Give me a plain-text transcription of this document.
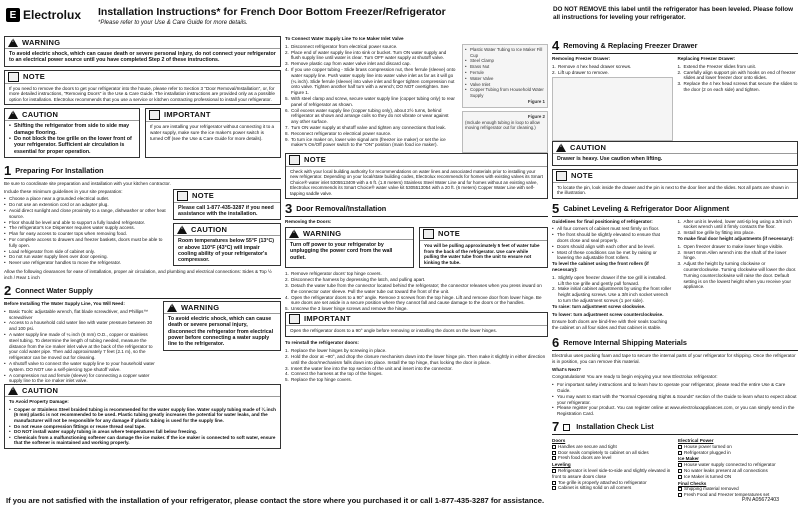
E Electrolux Installation Instructions* for French Door Bottom Freezer/Refrigerator
*Please refer to your Use & Care Guide for more details.
DO NOT REMOVE this label until the refrigerator has been leveled. Please follow all instructions for leveling your refrigerator.
!
WARNING
To avoid electric shock, which can cause death or severe personal injury, do not connect your refrigerator to an electrical power source until you have completed Step 2 of these instructions.
NOTE
If you need to remove the doors to get your refrigerator into the house, please refer to Section 3 "Door Removal/Installation", or, for more detailed instructions, "Removing Doors" in the Use & Care Guide. The installation instructions are provided only as a possible option for installation. Electrolux recommends that you use a service or kitchen contracting professional to install your refrigerator.
!
CAUTION
• Shifting the refrigerator from side to side may damage flooring.
• Do not block the toe grille on the lower front of your refrigerator. Sufficient air circulation is essential for proper operation.
IMPORTANT
If you are installing your refrigerator without connecting it to a water supply, make sure the ice maker's power switch is turned Off (see the Use & Care Guide for more details).
1 Preparing For Installation

Be sure to coordinate site preparation and installation with your kitchen contractor.

Include these minimum guidelines in your site preparation:

• Choose a place near a grounded electrical outlet.
• Do not use an extension cord or an adapter plug.
• Avoid direct sunlight and close proximity to a range, dishwasher or other heat source.
• Floor should be level and able to support a fully loaded refrigerator.
• The refrigerator's Ice Dispenser requires water supply access.
• Plan for easy access to counter tops when removing food.
• For complete access to drawers and freezer baskets, doors must be able to fully open.
• Load refrigerator from side of cabinet only.
• Do not run water supply lines over door opening.
• Never use refrigerator handles to move the refrigerator.
NOTE
Please call 1-877-435-3287 if you need assistance with the installation.
!
CAUTION
Room temperatures below 55°F (13°C) or above 110°F (43°C) will impair cooling ability of your refrigerator's compressor.

Allow the following clearances for ease of installation, proper air circulation, and plumbing and electrical connections: Sides & Top ½ inch / Rear 1 inch

2 Connect Water Supply

Before Installing The Water Supply Line, You Will Need:

• Basic Tools: adjustable wrench, flat blade screwdriver, and Phillips™ screwdriver
• Access to a household cold water line with water pressure between 30 and 100 psi.
• A water supply line made of ¼ inch (6 mm) O.D., copper or stainless steel tubing. To determine the length of tubing needed, measure the distance from the ice maker inlet valve at the back of the refrigerator to your cold water pipe. Then add approximately 7 feet (2.1 m), so the refrigerator can be moved out for cleaning.
• A shutoff valve to connect the water supply line to your household water system. DO NOT use a self-piercing type shutoff valve.
• A compression nut and ferrule (sleeve) for connecting a copper water supply line to the ice maker inlet valve.
!
WARNING
To avoid electric shock, which can cause death or severe personal injury, disconnect the refrigerator from electrical power before connecting a water supply line to the refrigerator.
!
CAUTION

To Avoid Property Damage:

• Copper or Stainless Steel braided tubing is recommended for the water supply line. Water supply tubing made of ¼ inch (6 mm) plastic is not recommended to be used. Plastic tubing greatly increases the potential for water leaks, and the manufacturer will not be responsible for any damage if plastic tubing is used for the supply line.
• Do not reuse compression fittings or reuse thread seal tape.
• DO NOT install water supply tubing in areas where temperatures fall below freezing.
• Chemicals from a malfunctioning softener can damage the ice maker. If the ice maker is connected to soft water, ensure that the softener is maintained and working properly.

To Connect Water Supply Line To Ice Maker Inlet Valve

1. Disconnect refrigerator from electrical power source.
2. Place end of water supply line into sink or bucket. Turn ON water supply and flush supply line until water is clear. Turn OFF water supply at shutoff valve.
3. Remove plastic cap from water valve inlet and discard cap.
4. If you use copper tubing - Slide brass compression nut, then ferrule (sleeve) onto water supply line. Push water supply line into water valve inlet as far as it will go (¼ inch). Slide ferrule (sleeve) into valve inlet and finger tighten compression nut onto valve. Tighten another half turn with a wrench; DO NOT overtighten. See Figure 1.
5. With steel clamp and screw, secure water supply line (copper tubing only) to rear panel of refrigerator as shown.
6. Coil excess water supply line (copper tubing only), about 2½ turns, behind refrigerator as shown and arrange coils so they do not vibrate or wear against any other surface.
7. Turn ON water supply at shutoff valve and tighten any connections that leak.
8. Reconnect refrigerator to electrical power source.
9. To turn ice maker on, lower wire signal arm (freezer ice maker) or set the ice maker's On/Off power switch to the "ON" position (main food ice maker).
• Plastic Water Tubing to Ice Maker Fill Cup
• Steel Clamp
• Brass Nut
• Ferrule
• Water Valve
• Valve Inlet
• Copper Tubing from Household Water Supply
Figure 1
Figure 2
(Include enough tubing in loop to allow moving refrigerator out for cleaning.)
NOTE
Check with your local building authority for recommendations on water lines and associated materials prior to installing your new refrigerator. Depending on your local/state building codes, Electrolux recommends for homes with existing valves its Smart Choice® water inlet 5305513409 with a 6 ft. (1.8 meters) Stainless Steel Water Line and for homes without an existing valve, Electrolux recommends its Smart Choice® water valve kit 5305513054 with a 20 ft. (6 meters) Copper Water Line with self-tapping saddle valve.
3 Door Removal/Installation

Removing the Doors:

!
WARNING
Turn off power to your refrigerator by unplugging the power cord from the wall outlet.
NOTE
You will be pulling approximately 5 feet of water tube from the back of the refrigerator. Use care while pulling the water tube from the unit to ensure not kinking the tube.
1. Remove refrigerator doors' top hinge covers.
2. Disconnect the harness by depressing the latch, and pulling apart.
3. Detach the water tube from the connector located behind the refrigerator; the connector releases when you press inward on the connector outer sleeve. Pull the water tube out toward the front of the unit.
4. Open the refrigerator doors to a 90° angle. Remove 3 screws from the top hinge. Lift and remove door from lower hinge. Be sure doors are set aside in a secure position where they cannot fall and cause damage to the doors or the handles.
5. Unscrew the 3 lower hinge screws and remove the hinge.
IMPORTANT
Open the refrigerator doors to a 90° angle before removing or installing the doors on the lower hinges.

To reinstall the refrigerator doors:

1. Replace the lower hinges by screwing in place.
2. Hold the door at ~90°, and drop the closure mechanism down into the lower hinge pin. Then make it slightly in either direction until the door/mechanism falls down into place. Install the top hinge, thus locking the door in place.
3. Insert the water line into the top section of the unit and insert into the connector.
4. Connect the harness at the top of the hinges.
5. Replace the top hinge covers.
4 Removing & Replacing Freezer Drawer

Removing Freezer Drawer:

1. Remove 4 hex head drawer screws.
2. Lift up drawer to remove.

Replacing Freezer Drawer:

1. Extend the Freezer slides from unit.
2. Carefully align support pin with hooks on end of freezer slides and lower freezer door onto slides.
3. Replace the 4 hex head screws that secure the slides to the door (2 on each side) and tighten.
!
CAUTION
Drawer is heavy. Use caution when lifting.
NOTE
To locate the pin, look inside the drawer and the pin is next to the door liner and the slides. Not all parts are shown in the illustration.
5 Cabinet Leveling & Refrigerator Door Alignment

Guidelines for final positioning of refrigerator:

• All four corners of cabinet must rest firmly on floor.
• The front should be slightly elevated to ensure that doors close and seal properly.
• Doors should align with each other and be level.
• Most of these conditions can be met by raising or lowering the adjustable front rollers.

To level the cabinet using the front rollers (if necessary):

1. Slightly open freezer drawer if the toe grill is installed. Lift the toe grille and gently pull forward.
2. Make initial cabinet adjustments by using the front roller height adjusting screws. Use a 3/8 inch socket wrench to turn the adjustment screws (1 per side).

To raise: turn adjustment screw clockwise.

To lower: turn adjustment screw counterclockwise.

Ensure both doors are bind-free with their seals touching the cabinet on all four sides and that cabinet is stable.

1. After unit is leveled, lower anti-tip leg using a 3/8 inch socket wrench until it firmly contacts the floor.
2. Install toe grille by fitting into place.

To make final door height adjustments (if necessary):

1. Open freezer drawer to make lower hinge visible.
2. Insert 6mm Allen wrench into the shaft of the lower hinge.
3. Adjust the height by turning clockwise or counterclockwise. Turning clockwise will lower the door. Turning counterclockwise will raise the door. Default setting is on the lowest height when you receive your appliance.
6 Remove Internal Shipping Materials

Electrolux uses packing foam and tape to secure the internal parts of your refrigerator for shipping. Once the refrigerator is in position, you can remove this material.

What's Next?

Congratulations! You are ready to begin enjoying your new Electrolux refrigerator:

• For important safety instructions and to learn how to operate your refrigerator, please read the entire Use & Care Guide.
• You may want to start with the "Normal Operating Sights & Sounds" section of the Guide to learn what to expect about your refrigerator.
• Please register your product. You can register online at www.electroluxappliances.com, or you can simply send in the Registration Card.
7 Installation Check List
Doors
Handles are secure and tight
Door seals completely to cabinet on all sides
Fresh food doors are level
Leveling
Refrigerator is level side-to-side and slightly elevated in front to assure doors close
Toe grille is properly attached to refrigerator
Cabinet is sitting solid on all corners
Electrical Power
House power turned on
Refrigerator plugged in
Ice Maker
House water supply connected to refrigerator
No water leaks present at all connections
Ice Maker is turned ON
Final Checks
Shipping material removed
Fresh Food and Freezer temperatures set
If you are not satisfied with the installation of your refrigerator, please contact the store where you purchased it or call 1-877-435-3287 for assistance.	P/N A05672403
